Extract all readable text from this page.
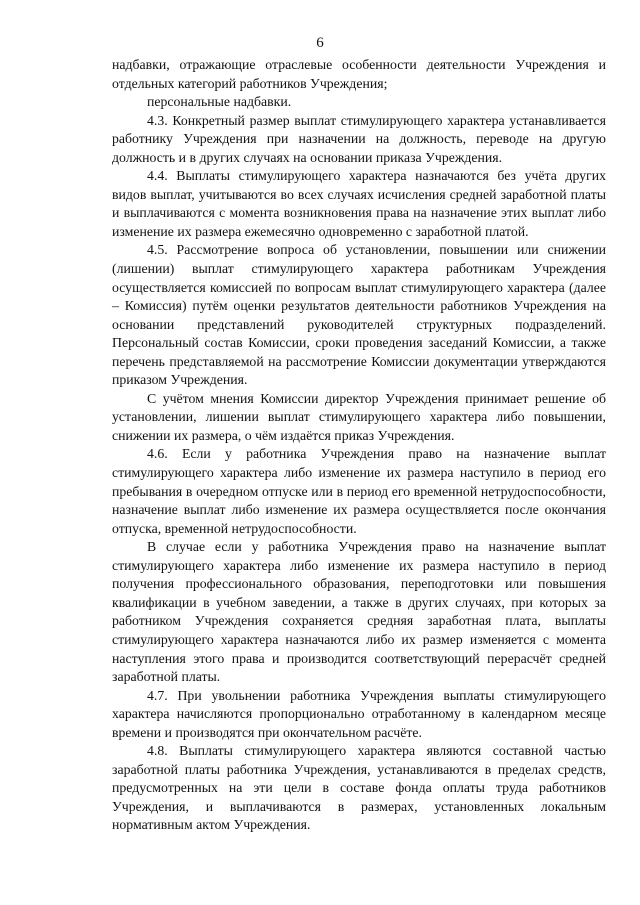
6

надбавки, отражающие отраслевые особенности деятельности Учреждения и отдельных категорий работников Учреждения;

персональные надбавки.

4.3. Конкретный размер выплат стимулирующего характера устанавливается работнику Учреждения при назначении на должность, переводе на другую должность и в других случаях на основании приказа Учреждения.

4.4. Выплаты стимулирующего характера назначаются без учёта других видов выплат, учитываются во всех случаях исчисления средней заработной платы и выплачиваются с момента возникновения права на назначение этих выплат либо изменение их размера ежемесячно одновременно с заработной платой.

4.5. Рассмотрение вопроса об установлении, повышении или снижении (лишении) выплат стимулирующего характера работникам Учреждения осуществляется комиссией по вопросам выплат стимулирующего характера (далее – Комиссия) путём оценки результатов деятельности работников Учреждения на основании представлений руководителей структурных подразделений. Персональный состав Комиссии, сроки проведения заседаний Комиссии, а также перечень представляемой на рассмотрение Комиссии документации утверждаются приказом Учреждения.

С учётом мнения Комиссии директор Учреждения принимает решение об установлении, лишении выплат стимулирующего характера либо повышении, снижении их размера, о чём издаётся приказ Учреждения.

4.6. Если у работника Учреждения право на назначение выплат стимулирующего характера либо изменение их размера наступило в период его пребывания в очередном отпуске или в период его временной нетрудоспособности, назначение выплат либо изменение их размера осуществляется после окончания отпуска, временной нетрудоспособности.

В случае если у работника Учреждения право на назначение выплат стимулирующего характера либо изменение их размера наступило в период получения профессионального образования, переподготовки или повышения квалификации в учебном заведении, а также в других случаях, при которых за работником Учреждения сохраняется средняя заработная плата, выплаты стимулирующего характера назначаются либо их размер изменяется с момента наступления этого права и производится соответствующий перерасчёт средней заработной платы.

4.7. При увольнении работника Учреждения выплаты стимулирующего характера начисляются пропорционально отработанному в календарном месяце времени и производятся при окончательном расчёте.

4.8. Выплаты стимулирующего характера являются составной частью заработной платы работника Учреждения, устанавливаются в пределах средств, предусмотренных на эти цели в составе фонда оплаты труда работников Учреждения, и выплачиваются в размерах, установленных локальным нормативным актом Учреждения.
